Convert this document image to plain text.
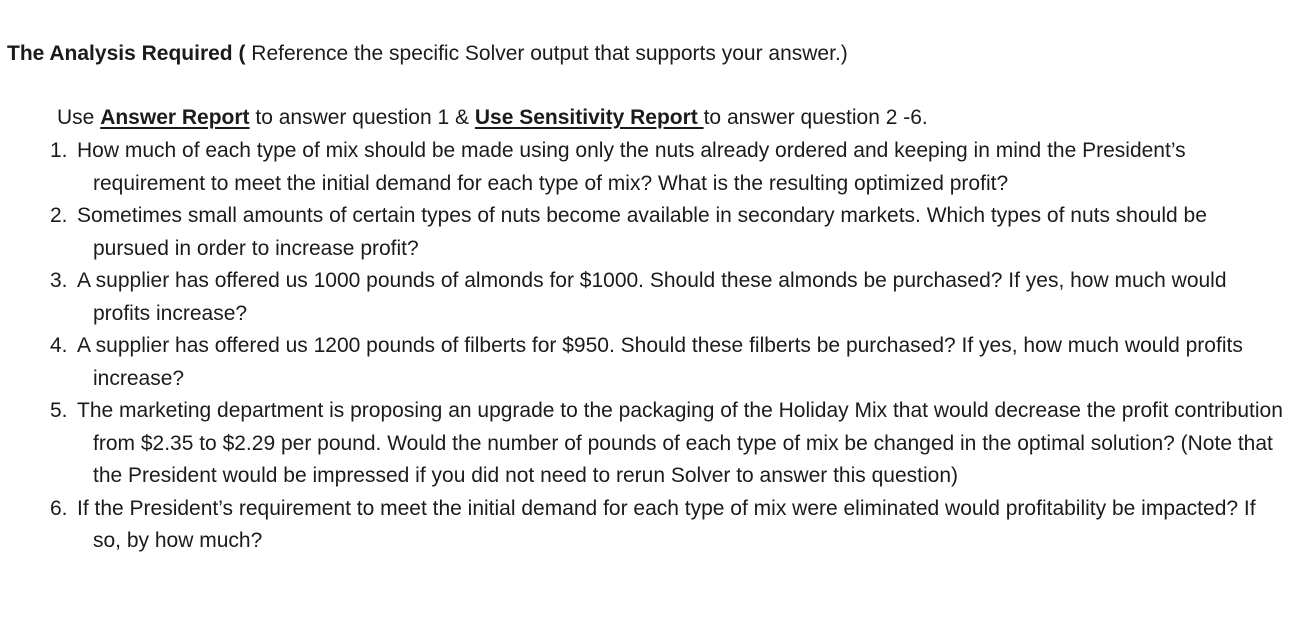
The Analysis Required ( Reference the specific Solver output that supports your answer.)
Use Answer Report to answer question 1 & Use Sensitivity Report to answer question 2 -6.
1. How much of each type of mix should be made using only the nuts already ordered and keeping in mind the President’s requirement to meet the initial demand for each type of mix? What is the resulting optimized profit?
2. Sometimes small amounts of certain types of nuts become available in secondary markets. Which types of nuts should be pursued in order to increase profit?
3. A supplier has offered us 1000 pounds of almonds for $1000. Should these almonds be purchased? If yes, how much would profits increase?
4. A supplier has offered us 1200 pounds of filberts for $950. Should these filberts be purchased? If yes, how much would profits increase?
5. The marketing department is proposing an upgrade to the packaging of the Holiday Mix that would decrease the profit contribution from $2.35 to $2.29 per pound. Would the number of pounds of each type of mix be changed in the optimal solution? (Note that the President would be impressed if you did not need to rerun Solver to answer this question)
6. If the President’s requirement to meet the initial demand for each type of mix were eliminated would profitability be impacted? If so, by how much?
